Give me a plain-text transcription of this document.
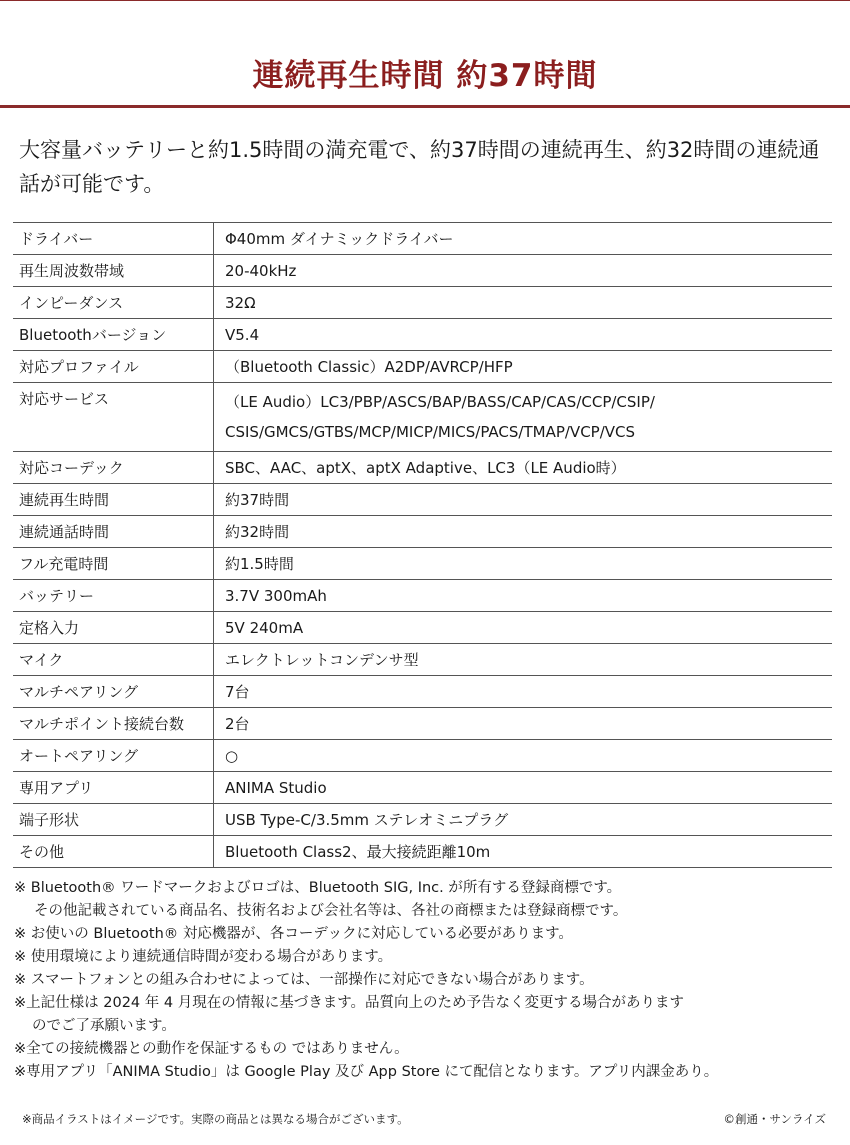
連続再生時間 約37時間
大容量バッテリーと約1.5時間の満充電で、約37時間の連続再生、約32時間の連続通話が可能です。
ドライバー	Φ40mm ダイナミックドライバー
再生周波数帯域	20-40kHz
インピーダンス	32Ω
Bluetoothバージョン	V5.4
対応プロファイル	（Bluetooth Classic）A2DP/AVRCP/HFP
対応サービス	（LE Audio）LC3/PBP/ASCS/BAP/BASS/CAP/CAS/CCP/CSIP/
CSIS/GMCS/GTBS/MCP/MICP/MICS/PACS/TMAP/VCP/VCS

対応コーデック	SBC、AAC、aptX、aptX Adaptive、LC3（LE Audio時）
連続再生時間	約37時間
連続通話時間	約32時間
フル充電時間	約1.5時間
バッテリー	3.7V 300mAh
定格入力	5V 240mA
マイク	エレクトレットコンデンサ型
マルチペアリング	7台
マルチポイント接続台数	2台
オートペアリング	○
専用アプリ	ANIMA Studio
端子形状	USB Type-C/3.5mm ステレオミニプラグ
その他	Bluetooth Class2、最大接続距離10m
※ Bluetooth® ワードマークおよびロゴは、Bluetooth SIG, Inc. が所有する登録商標です。
その他記載されている商品名、技術名および会社名等は、各社の商標または登録商標です。
※ お使いの Bluetooth® 対応機器が、各コーデックに対応している必要があります。
※ 使用環境により連続通信時間が変わる場合があります。
※ スマートフォンとの組み合わせによっては、一部操作に対応できない場合があります。
※上記仕様は 2024 年 4 月現在の情報に基づきます。品質向上のため予告なく変更する場合があります
のでご了承願います。
※全ての接続機器との動作を保証するもの ではありません。
※専用アプリ「ANIMA Studio」は Google Play 及び App Store にて配信となります。アプリ内課金あり。
※商品イラストはイメージです。実際の商品とは異なる場合がございます。	©創通・サンライズ
